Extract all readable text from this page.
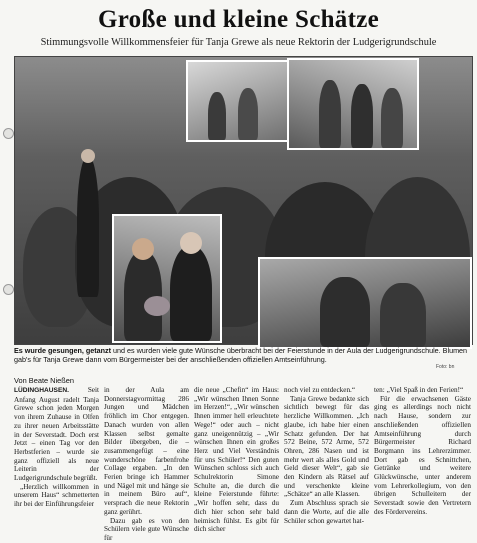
Große und kleine Schätze
Stimmungsvolle Willkommensfeier für Tanja Grewe als neue Rektorin der Ludgerigrundschule
Es wurde gesungen, getanzt und es wurden viele gute Wünsche überbracht bei der Feierstunde in der Aula der Ludgerigrundschule. Blumen gab's für Tanja Grewe dann vom Bürgermeister bei der anschließenden offiziellen Amtseinführung.
Foto: bn
Von Beate Nießen

LÜDINGHAUSEN.	Seit Anfang August radelt Tanja Grewe schon jeden Morgen von ihrem Zuhause in Olfen zu ihrer neuen Arbeitsstätte in der Severstadt. Doch erst Jetzt – einen Tag vor den Herbstferien – wurde sie ganz offiziell als neue Leiterin der Ludgerigrundschule begrüßt.

„Herzlich willkommen in unserem Haus“ schmetterten ihr bei der Einführungsfeier

in der Aula am Donnerstagvormittag 286 Jungen und Mädchen fröhlich im Chor entgegen. Danach wurden von allen Klassen selbst gemalte Bilder übergeben, die – zusammengefügt – eine wunderschöne farbenfrohe Collage ergaben. „In den Ferien bringe ich Hammer und Nägel mit und hänge sie in meinem Büro auf“, versprach die neue Rektorin ganz gerührt.

Dazu gab es von den Schülern viele gute Wünsche für

die neue „Chefin“ im Haus: „Wir wünschen Ihnen Sonne im Herzen!“, „Wir wünschen Ihnen immer hell erleuchtete Wege!“ oder auch – nicht ganz uneigennützig – „Wir wünschen Ihnen ein großes Herz und Viel Verständnis für uns Schüler!“ Den guten Wünschen schloss sich auch Schulrektorin Simone Schulte an, die durch die kleine Feierstunde führte: „Wir hoffen sehr, dass du dich hier schon sehr bald heimisch fühlst. Es gibt für dich sicher

noch viel zu entdecken.“

Tanja Grewe bedankte sich sichtlich bewegt für das herzliche Willkommen. „Ich glaube, ich habe hier einen Schatz gefunden. Der hat 572 Beine, 572 Arme, 572 Ohren, 286 Nasen und ist mehr wert als alles Gold und Geld dieser Welt“, gab sie den Kindern als Rätsel auf und verschenkte kleine „Schätze“ an alle Klassen.

Zum Abschluss sprach sie dann die Worte, auf die alle Schüler schon gewartet hat-

ten: „Viel Spaß in den Ferien!“

Für die erwachsenen Gäste ging es allerdings noch nicht nach Hause, sondern zur anschließenden offiziellen Amtseinführung durch Bürgermeister Richard Borgmann ins Lehrerzimmer. Dort gab es Schnittchen, Getränke und weitere Glückwünsche, unter anderem vom Lehrerkollegium, von den übrigen Schulleitern der Severstadt sowie den Vertretern des Fördervereins.
